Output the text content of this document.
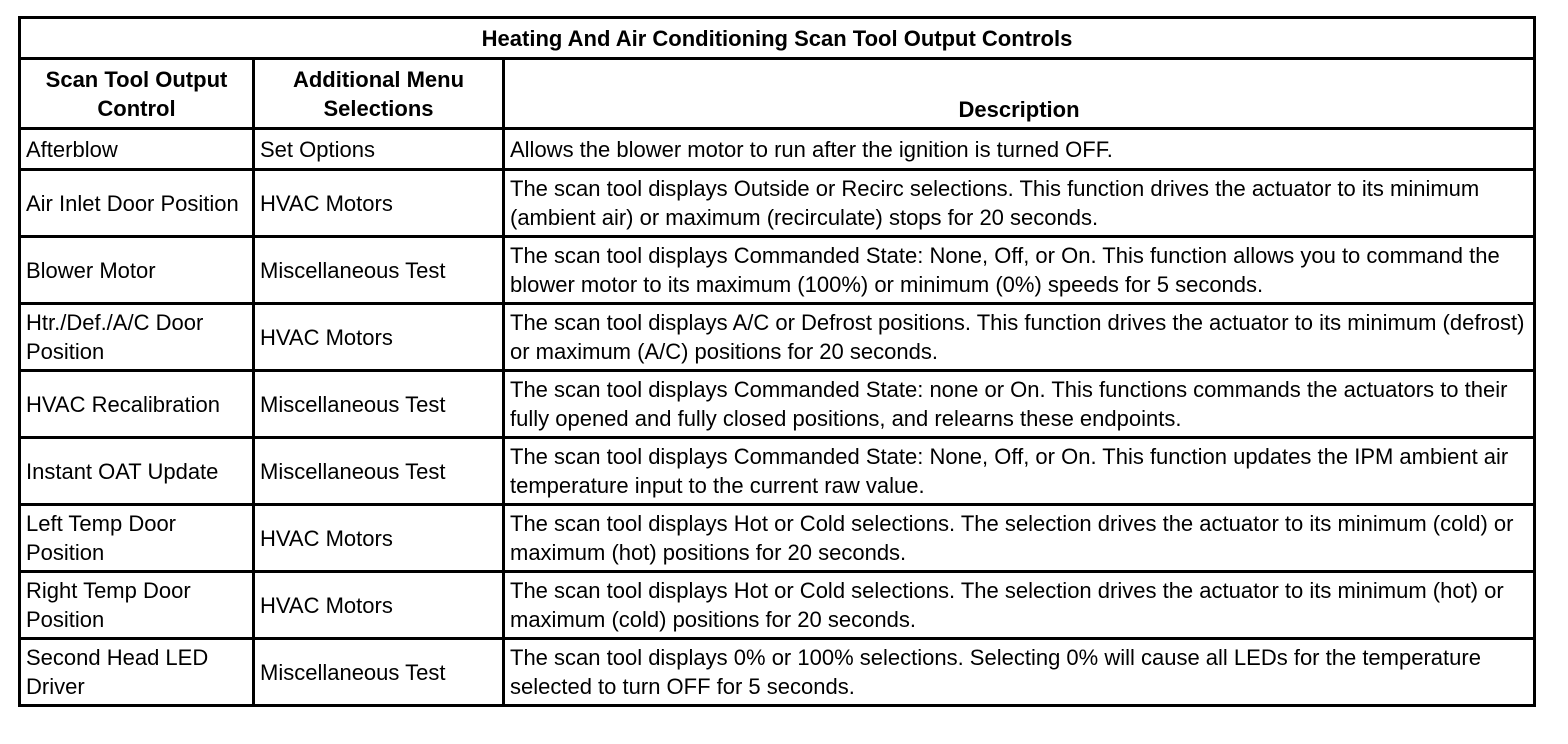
Heating And Air Conditioning Scan Tool Output Controls		
Scan Tool Output Control	Additional Menu Selections	Description
Afterblow	Set Options	Allows the blower motor to run after the ignition is turned OFF.
Air Inlet Door Position	HVAC Motors	The scan tool displays Outside or Recirc selections. This function drives the actuator to its minimum (ambient air) or maximum (recirculate) stops for 20 seconds.
Blower Motor	Miscellaneous Test	The scan tool displays Commanded State: None, Off, or On. This function allows you to command the blower motor to its maximum (100%) or minimum (0%) speeds for 5 seconds.
Htr./Def./A/C Door Position	HVAC Motors	The scan tool displays A/C or Defrost positions. This function drives the actuator to its minimum (defrost) or maximum (A/C) positions for 20 seconds.
HVAC Recalibration	Miscellaneous Test	The scan tool displays Commanded State: none or On. This functions commands the actuators to their fully opened and fully closed positions, and relearns these endpoints.
Instant OAT Update	Miscellaneous Test	The scan tool displays Commanded State: None, Off, or On. This function updates the IPM ambient air temperature input to the current raw value.
Left Temp Door Position	HVAC Motors	The scan tool displays Hot or Cold selections. The selection drives the actuator to its minimum (cold) or maximum (hot) positions for 20 seconds.
Right Temp Door Position	HVAC Motors	The scan tool displays Hot or Cold selections. The selection drives the actuator to its minimum (hot) or maximum (cold) positions for 20 seconds.
Second Head LED Driver	Miscellaneous Test	The scan tool displays 0% or 100% selections. Selecting 0% will cause all LEDs for the temperature selected to turn OFF for 5 seconds.
